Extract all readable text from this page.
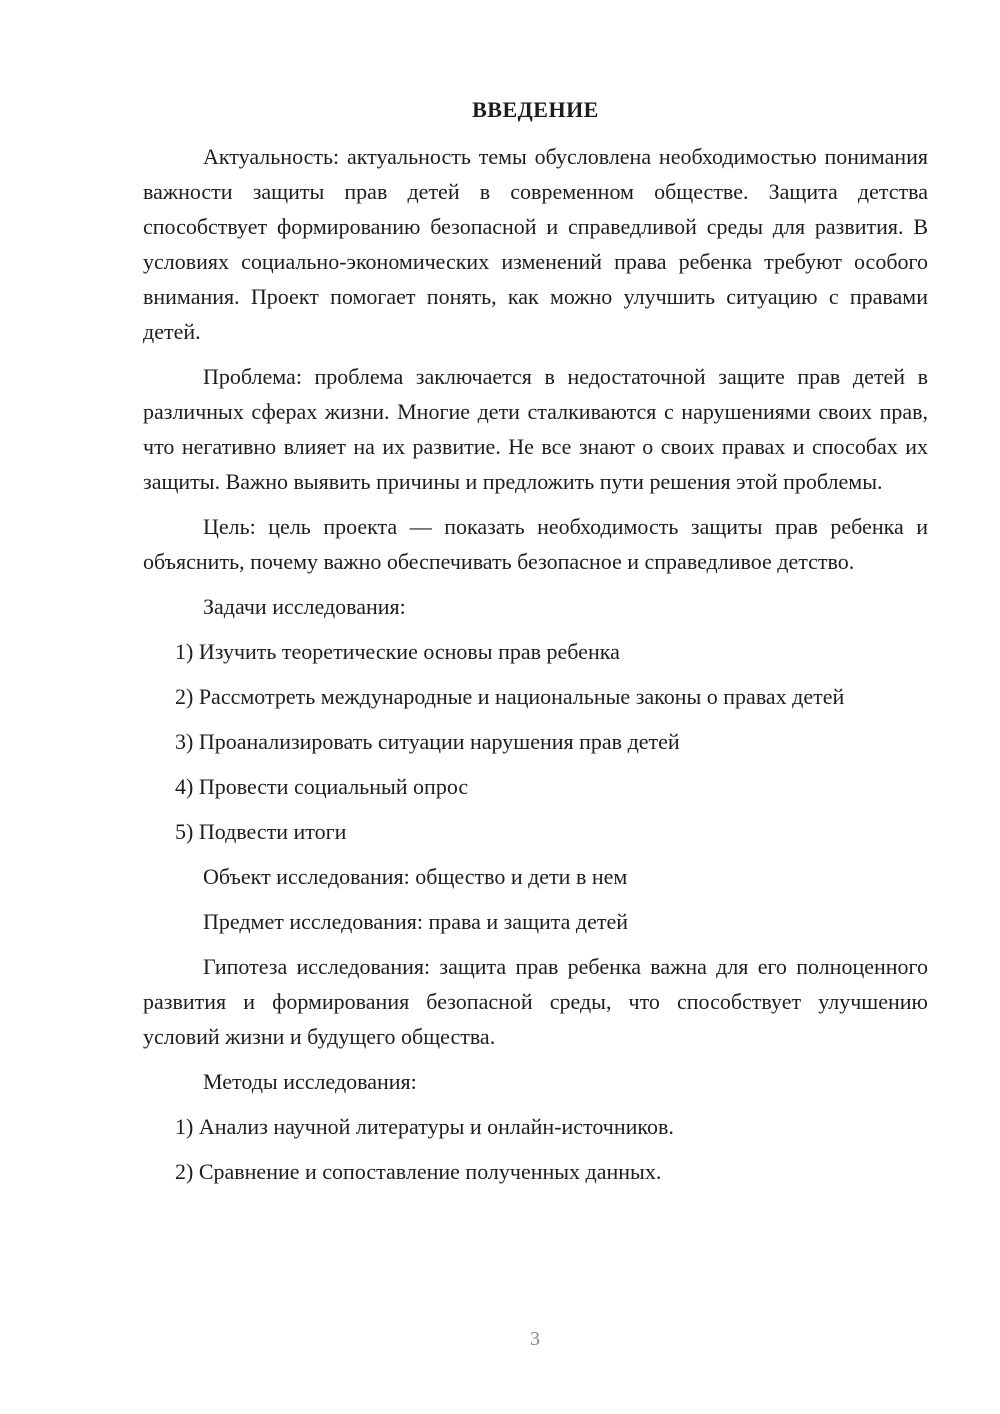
ВВЕДЕНИЕ

Актуальность: актуальность темы обусловлена необходимостью понимания важности защиты прав детей в современном обществе. Защита детства способствует формированию безопасной и справедливой среды для развития. В условиях социально-экономических изменений права ребенка требуют особого внимания. Проект помогает понять, как можно улучшить ситуацию с правами детей.

Проблема: проблема заключается в недостаточной защите прав детей в различных сферах жизни. Многие дети сталкиваются с нарушениями своих прав, что негативно влияет на их развитие. Не все знают о своих правах и способах их защиты. Важно выявить причины и предложить пути решения этой проблемы.

Цель: цель проекта — показать необходимость защиты прав ребенка и объяснить, почему важно обеспечивать безопасное и справедливое детство.

Задачи исследования:

1) Изучить теоретические основы прав ребенка

2) Рассмотреть международные и национальные законы о правах детей

3) Проанализировать ситуации нарушения прав детей

4) Провести социальный опрос

5) Подвести итоги

Объект исследования: общество и дети в нем

Предмет исследования: права и защита детей

Гипотеза исследования: защита прав ребенка важна для его полноценного развития и формирования безопасной среды, что способствует улучшению условий жизни и будущего общества.

Методы исследования:

1) Анализ научной литературы и онлайн-источников.

2) Сравнение и сопоставление полученных данных.

3
